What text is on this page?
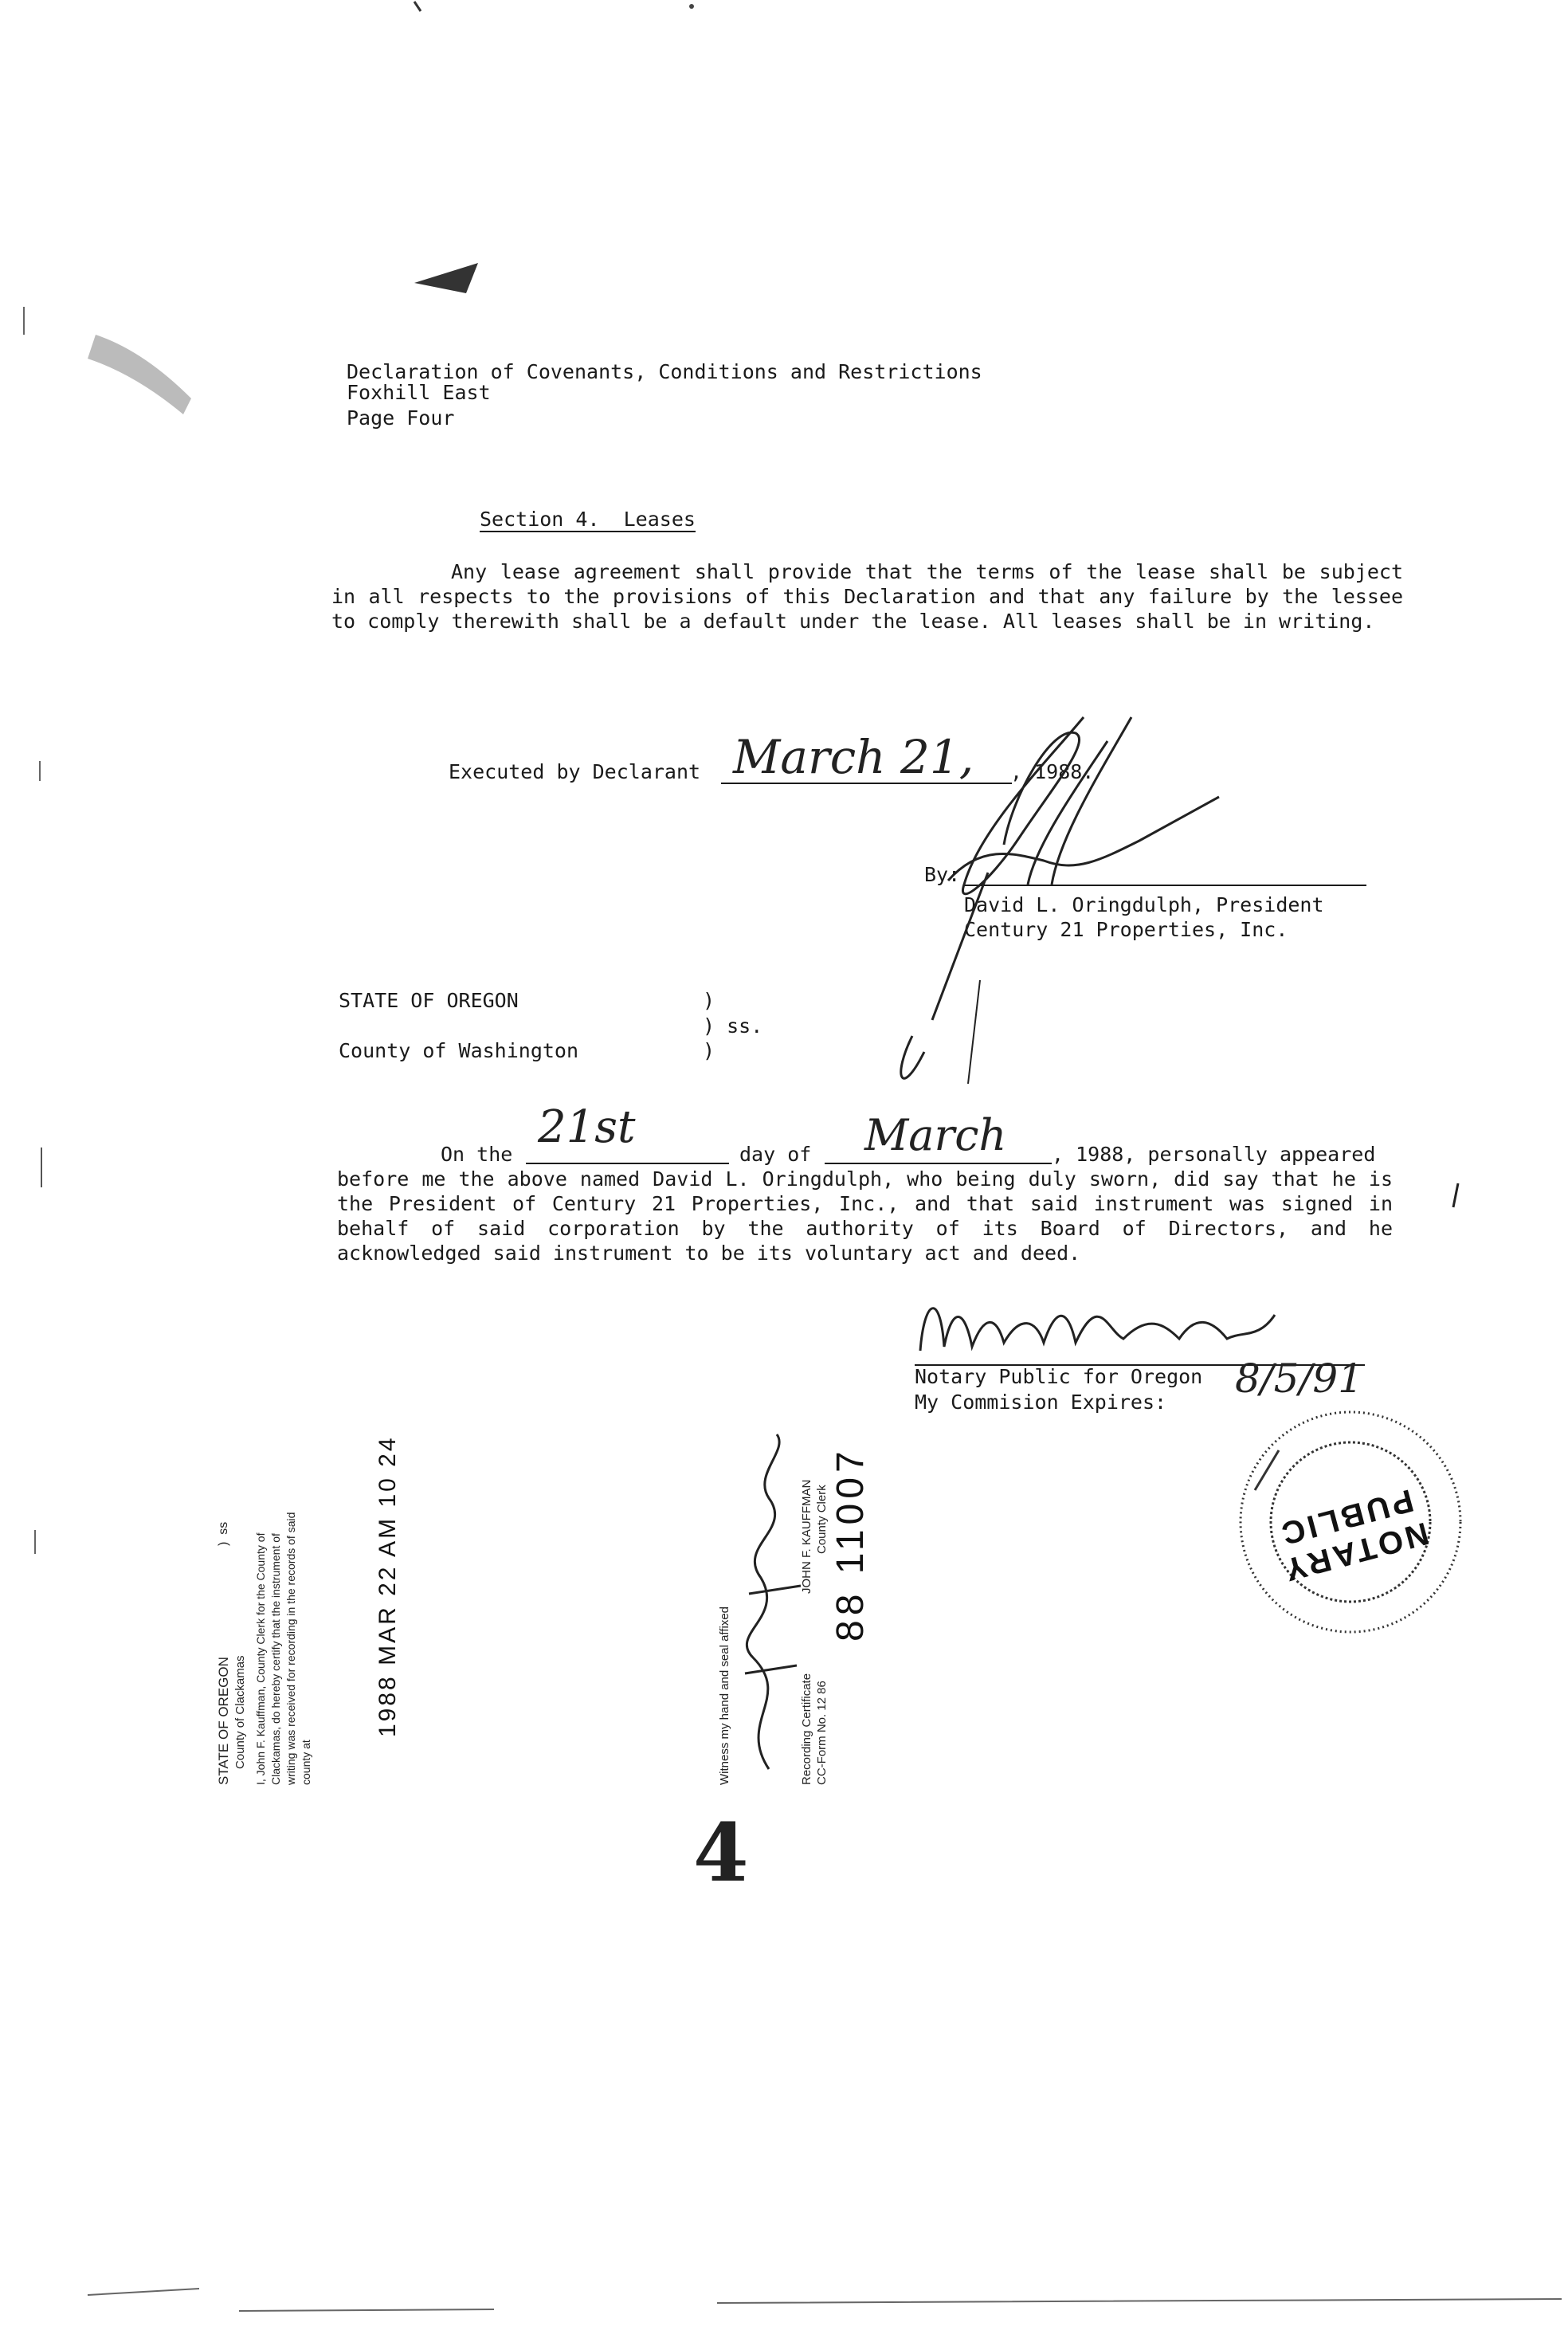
Declaration of Covenants, Conditions and Restrictions
Foxhill East
Page Four
Section 4.  Leases
Any lease agreement shall provide that the terms of the lease shall be subject in all respects to the provisions of this Declaration and that any failure by the lessee to comply therewith shall be a default under the lease. All leases shall be in writing.
Executed by Declarant March 21, , 1988.
By:
David L. Oringdulph, President
Century 21 Properties, Inc.
STATE OF OREGON
County of Washington
)
) ss.
)
On the
21st
day of March , 1988, personally appeared
before me the above named David L. Oringdulph, who being duly sworn, did say that he is the President of Century 21 Properties, Inc., and that said instrument was signed in behalf of said corporation by the authority of its Board of Directors, and he acknowledged said instrument to be its voluntary act and deed.
Notary Public for Oregon
My Commision Expires:
8/5/91
NOTARY PUBLIC
STATE OF OREGON County of Clackamas
)  ss I, John F. Kauffman, County Clerk for the County of Clackamas, do hereby certify that the instrument of writing was received for recording in the records of said county at
1988 MAR 22 AM 10 24	Witness my hand and seal affixed
JOHN F. KAUFFMAN County Clerk
Recording Certificate CC-Form No. 12 86
88 11007
4
